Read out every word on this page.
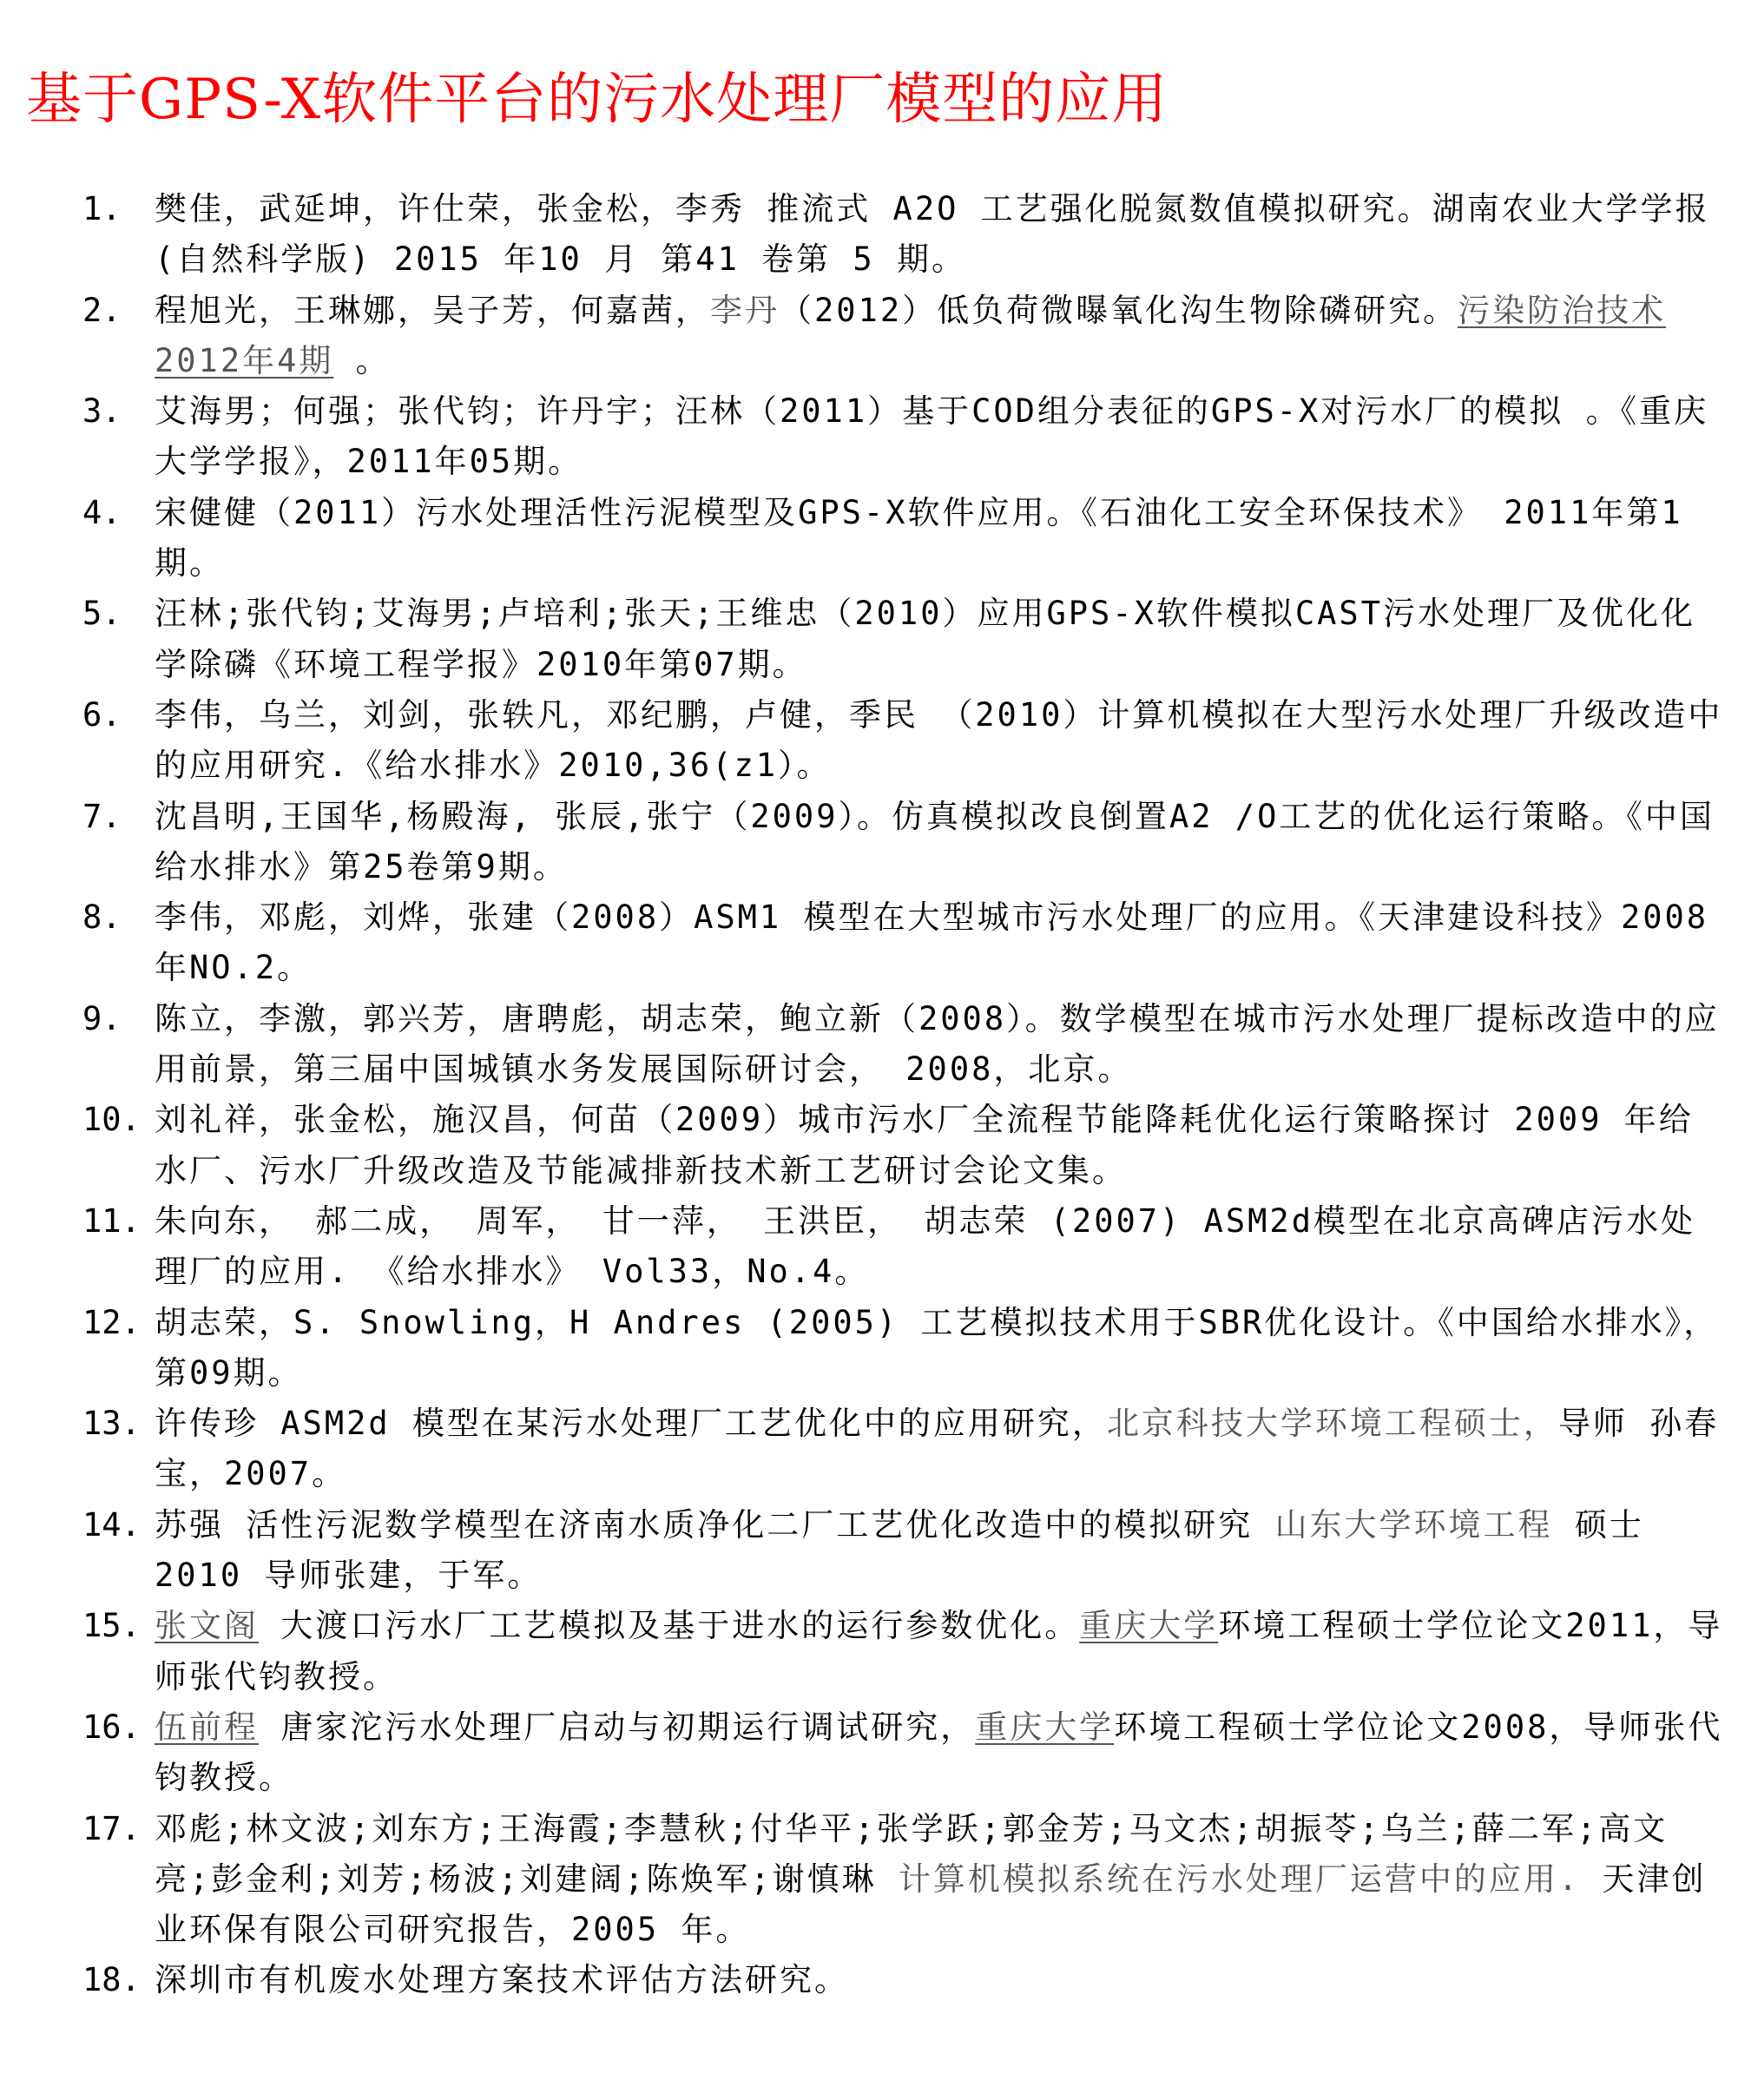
基于GPS-X软件平台的污水处理厂模型的应用
1.	樊佳，武延坤，许仕荣，张金松，李秀 推流式 A2O 工艺强化脱氮数值模拟研究。湖南农业大学学报(自然科学版) 2015 年10 月 第41 卷第 5 期。
2.	程旭光，王琳娜，吴子芳，何嘉茜，李丹（2012）低负荷微曝氧化沟生物除磷研究。污染防治技术 2012年4期 。
3.	艾海男；何强；张代钧；许丹宇；汪林（2011）基于COD组分表征的GPS-X对污水厂的模拟 。《重庆大学学报》，2011年05期。
4.	宋健健（2011）污水处理活性污泥模型及GPS-X软件应用。《石油化工安全环保技术》 2011年第1期。
5.	汪林;张代钧;艾海男;卢培利;张天;王维忠（2010）应用GPS-X软件模拟CAST污水处理厂及优化化学除磷《环境工程学报》2010年第07期。
6.	李伟，乌兰，刘剑，张轶凡，邓纪鹏，卢健，季民 （2010）计算机模拟在大型污水处理厂升级改造中的应用研究.《给水排水》2010,36(z1）。
7.	沈昌明,王国华,杨殿海, 张辰,张宁（2009）。仿真模拟改良倒置A2 /O工艺的优化运行策略。《中国给水排水》第25卷第9期。
8.	李伟，邓彪，刘烨，张建（2008）ASM1 模型在大型城市污水处理厂的应用。《天津建设科技》2008年NO.2。
9.	陈立，李激，郭兴芳，唐聘彪，胡志荣，鲍立新（2008）。数学模型在城市污水处理厂提标改造中的应用前景，第三届中国城镇水务发展国际研讨会， 2008，北京。
10. 刘礼祥，张金松，施汉昌，何苗（2009）城市污水厂全流程节能降耗优化运行策略探讨 2009 年给水厂、污水厂升级改造及节能减排新技术新工艺研讨会论文集。
11. 朱向东， 郝二成， 周军， 甘一萍， 王洪臣， 胡志荣 (2007) ASM2d模型在北京高碑店污水处理厂的应用. 《给水排水》 Vol33，No.4。
12. 胡志荣，S. Snowling，H Andres (2005) 工艺模拟技术用于SBR优化设计。《中国给水排水》，第09期。
13. 许传珍 ASM2d 模型在某污水处理厂工艺优化中的应用研究，北京科技大学环境工程硕士，导师 孙春宝，2007。
14. 苏强 活性污泥数学模型在济南水质净化二厂工艺优化改造中的模拟研究 山东大学环境工程 硕士2010 导师张建，于军。
15. 张文阁 大渡口污水厂工艺模拟及基于进水的运行参数优化。重庆大学环境工程硕士学位论文2011，导师张代钧教授。
16. 伍前程 唐家沱污水处理厂启动与初期运行调试研究，重庆大学环境工程硕士学位论文2008，导师张代钧教授。
17. 邓彪;林文波;刘东方;王海霞;李慧秋;付华平;张学跃;郭金芳;马文杰;胡振苓;乌兰;薛二军;高文亮;彭金利;刘芳;杨波;刘建阔;陈焕军;谢慎琳 计算机模拟系统在污水处理厂运营中的应用. 天津创业环保有限公司研究报告，2005 年。
18. 深圳市有机废水处理方案技术评估方法研究。
